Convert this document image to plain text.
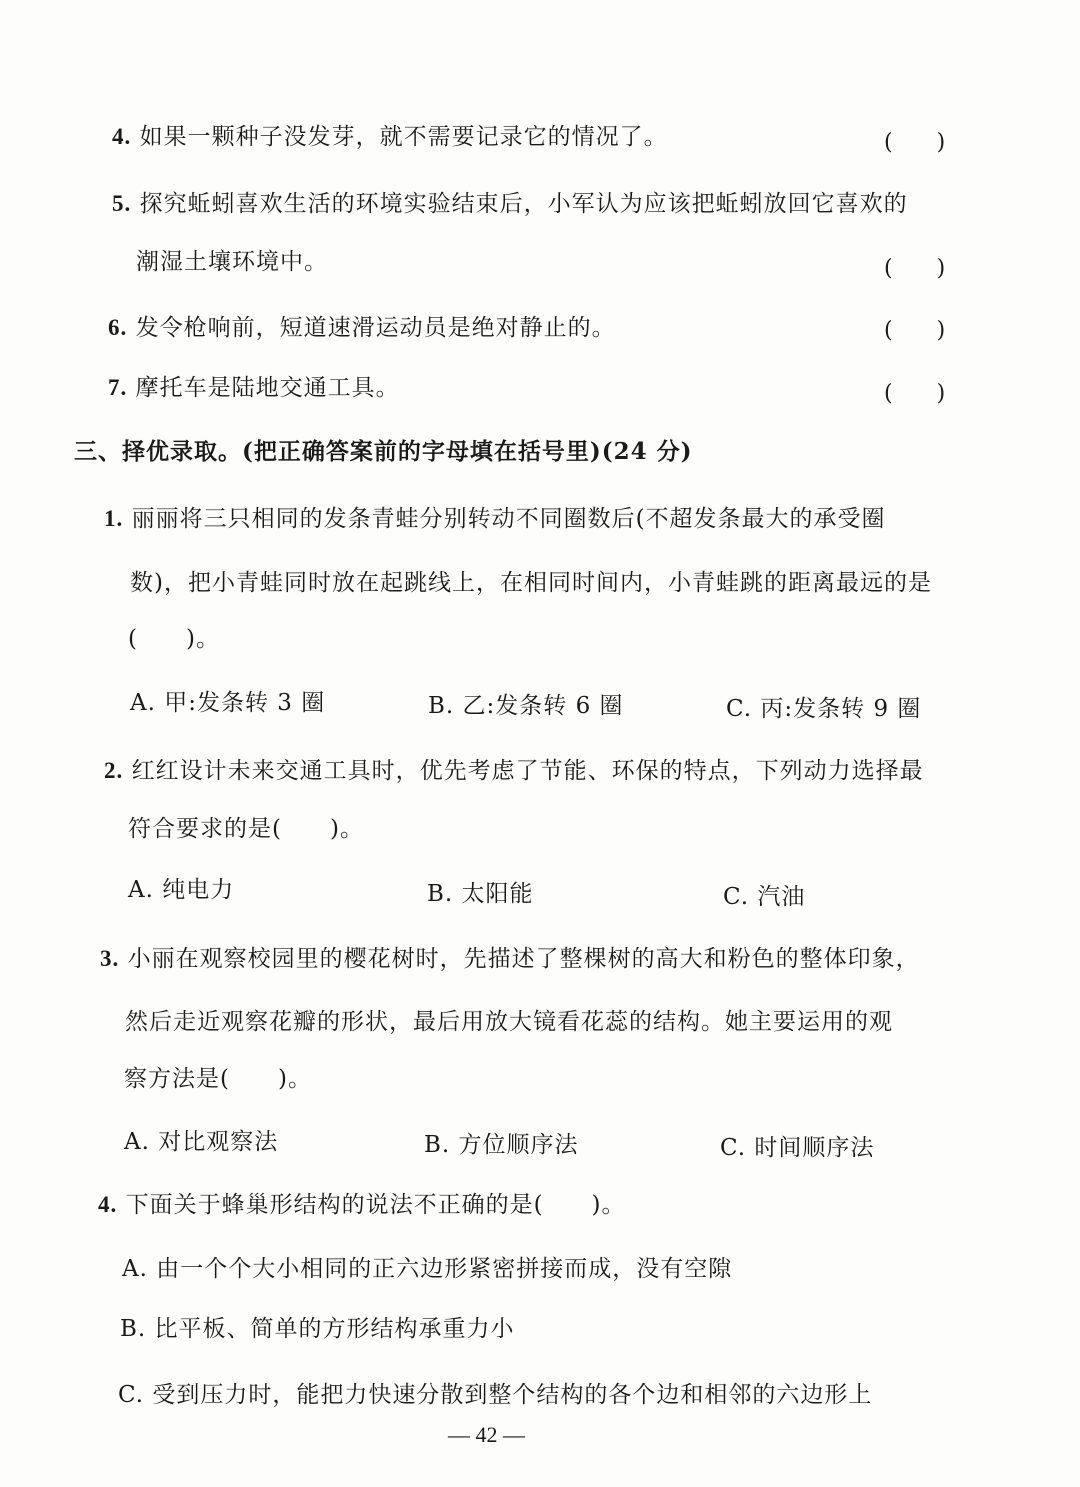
4. 如果一颗种子没发芽，就不需要记录它的情况了。	(　　)
5. 探究蚯蚓喜欢生活的环境实验结束后，小军认为应该把蚯蚓放回它喜欢的
潮湿土壤环境中。	(　　)
6. 发令枪响前，短道速滑运动员是绝对静止的。	(　　)
7. 摩托车是陆地交通工具。	(　　)
三、择优录取。(把正确答案前的字母填在括号里)(24 分)
1. 丽丽将三只相同的发条青蛙分别转动不同圈数后(不超发条最大的承受圈
数)，把小青蛙同时放在起跳线上，在相同时间内，小青蛙跳的距离最远的是
(　　)。
A. 甲:发条转 3 圈	B. 乙:发条转 6 圈	C. 丙:发条转 9 圈
2. 红红设计未来交通工具时，优先考虑了节能、环保的特点，下列动力选择最
符合要求的是(　　)。
A. 纯电力	B. 太阳能	C. 汽油
3. 小丽在观察校园里的樱花树时，先描述了整棵树的高大和粉色的整体印象，
然后走近观察花瓣的形状，最后用放大镜看花蕊的结构。她主要运用的观
察方法是(　　)。
A. 对比观察法	B. 方位顺序法	C. 时间顺序法
4. 下面关于蜂巢形结构的说法不正确的是(　　)。
A. 由一个个大小相同的正六边形紧密拼接而成，没有空隙
B. 比平板、简单的方形结构承重力小
C. 受到压力时，能把力快速分散到整个结构的各个边和相邻的六边形上
— 42 —
